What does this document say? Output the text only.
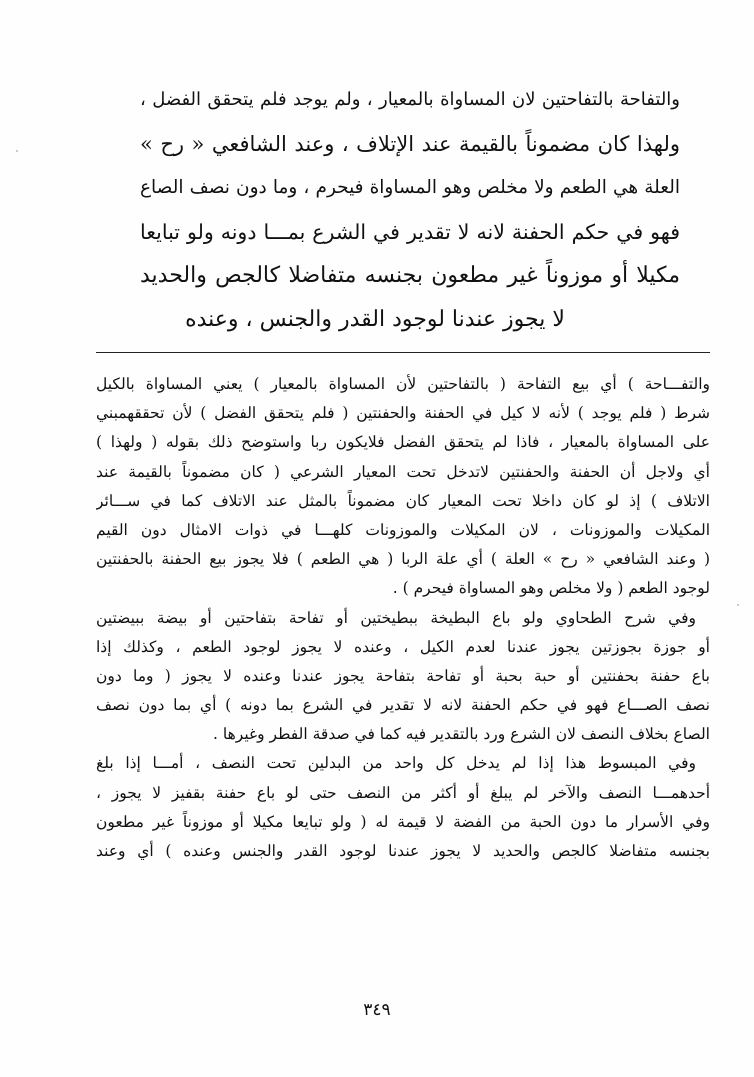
والتفاحة بالتفاحتين لان المساواة بالمعيار ، ولم يوجد فلم يتحقق الفضل ،
ولهذا كان مضموناً بالقيمة عند الإتلاف ، وعند الشافعي « رح »
العلة هي الطعم ولا مخلص وهو المساواة فيحرم ، وما دون نصف الصاع
فهو في حكم الحفنة لانه لا تقدير في الشرع بمـــا دونه ولو تبايعا
مكيلا أو موزوناً غير مطعون بجنسه متفاضلا كالجص والحديد
لا يجوز عندنا لوجود القدر والجنس ، وعنده
والتفـــاحة ) أي بيع التفاحة ( بالتفاحتين لأن المساواة بالمعيار ) يعني المساواة بالكيل
شرط ( فلم يوجد ) لأنه لا كيل في الحفنة والحفنتين ( فلم يتحقق الفضل ) لأن تحققهمبني
على المساواة بالمعيار ، فاذا لم يتحقق الفضل فلايكون ربا واستوضح ذلك بقوله ( ولهذا )
أي ولاجل أن الحفنة والحفنتين لاتدخل تحت المعيار الشرعي ( كان مضموناً بالقيمة عند
الاتلاف ) إذ لو كان داخلا تحت المعيار كان مضموناً بالمثل عند الاتلاف كما في ســـائر
المكيلات والموزونات ، لان المكيلات والموزونات كلهـــا في ذوات الامثال دون القيم
( وعند الشافعي « رح » العلة ) أي علة الربا ( هي الطعم ) فلا يجوز بيع الحفنة بالحفنتين
لوجود الطعم ( ولا مخلص وهو المساواة فيحرم ) .
وفي شرح الطحاوي ولو باع البطيخة ببطيختين أو تفاحة بتفاحتين أو بيضة ببيضتين
أو جوزة بجوزتين يجوز عندنا لعدم الكيل ، وعنده لا يجوز لوجود الطعم ، وكذلك إذا
باع حفنة بحفنتين أو حبة بحبة أو تفاحة بتفاحة يجوز عندنا وعنده لا يجوز ( وما دون
نصف الصـــاع فهو في حكم الحفنة لانه لا تقدير في الشرع بما دونه ) أي بما دون نصف
الصاع بخلاف النصف لان الشرع ورد بالتقدير فيه كما في صدقة الفطر وغيرها .
وفي المبسوط هذا إذا لم يدخل كل واحد من البدلين تحت النصف ، أمـــا إذا بلغ
أحدهمـــا النصف والآخر لم يبلغ أو أكثر من النصف حتى لو باع حفنة بقفيز لا يجوز ،
وفي الأسرار ما دون الحبة من الفضة لا قيمة له ( ولو تبايعا مكيلا أو موزوناً غير مطعون
بجنسه متفاضلا كالجص والحديد لا يجوز عندنا لوجود القدر والجنس وعنده ) أي وعند
٣٤٩
